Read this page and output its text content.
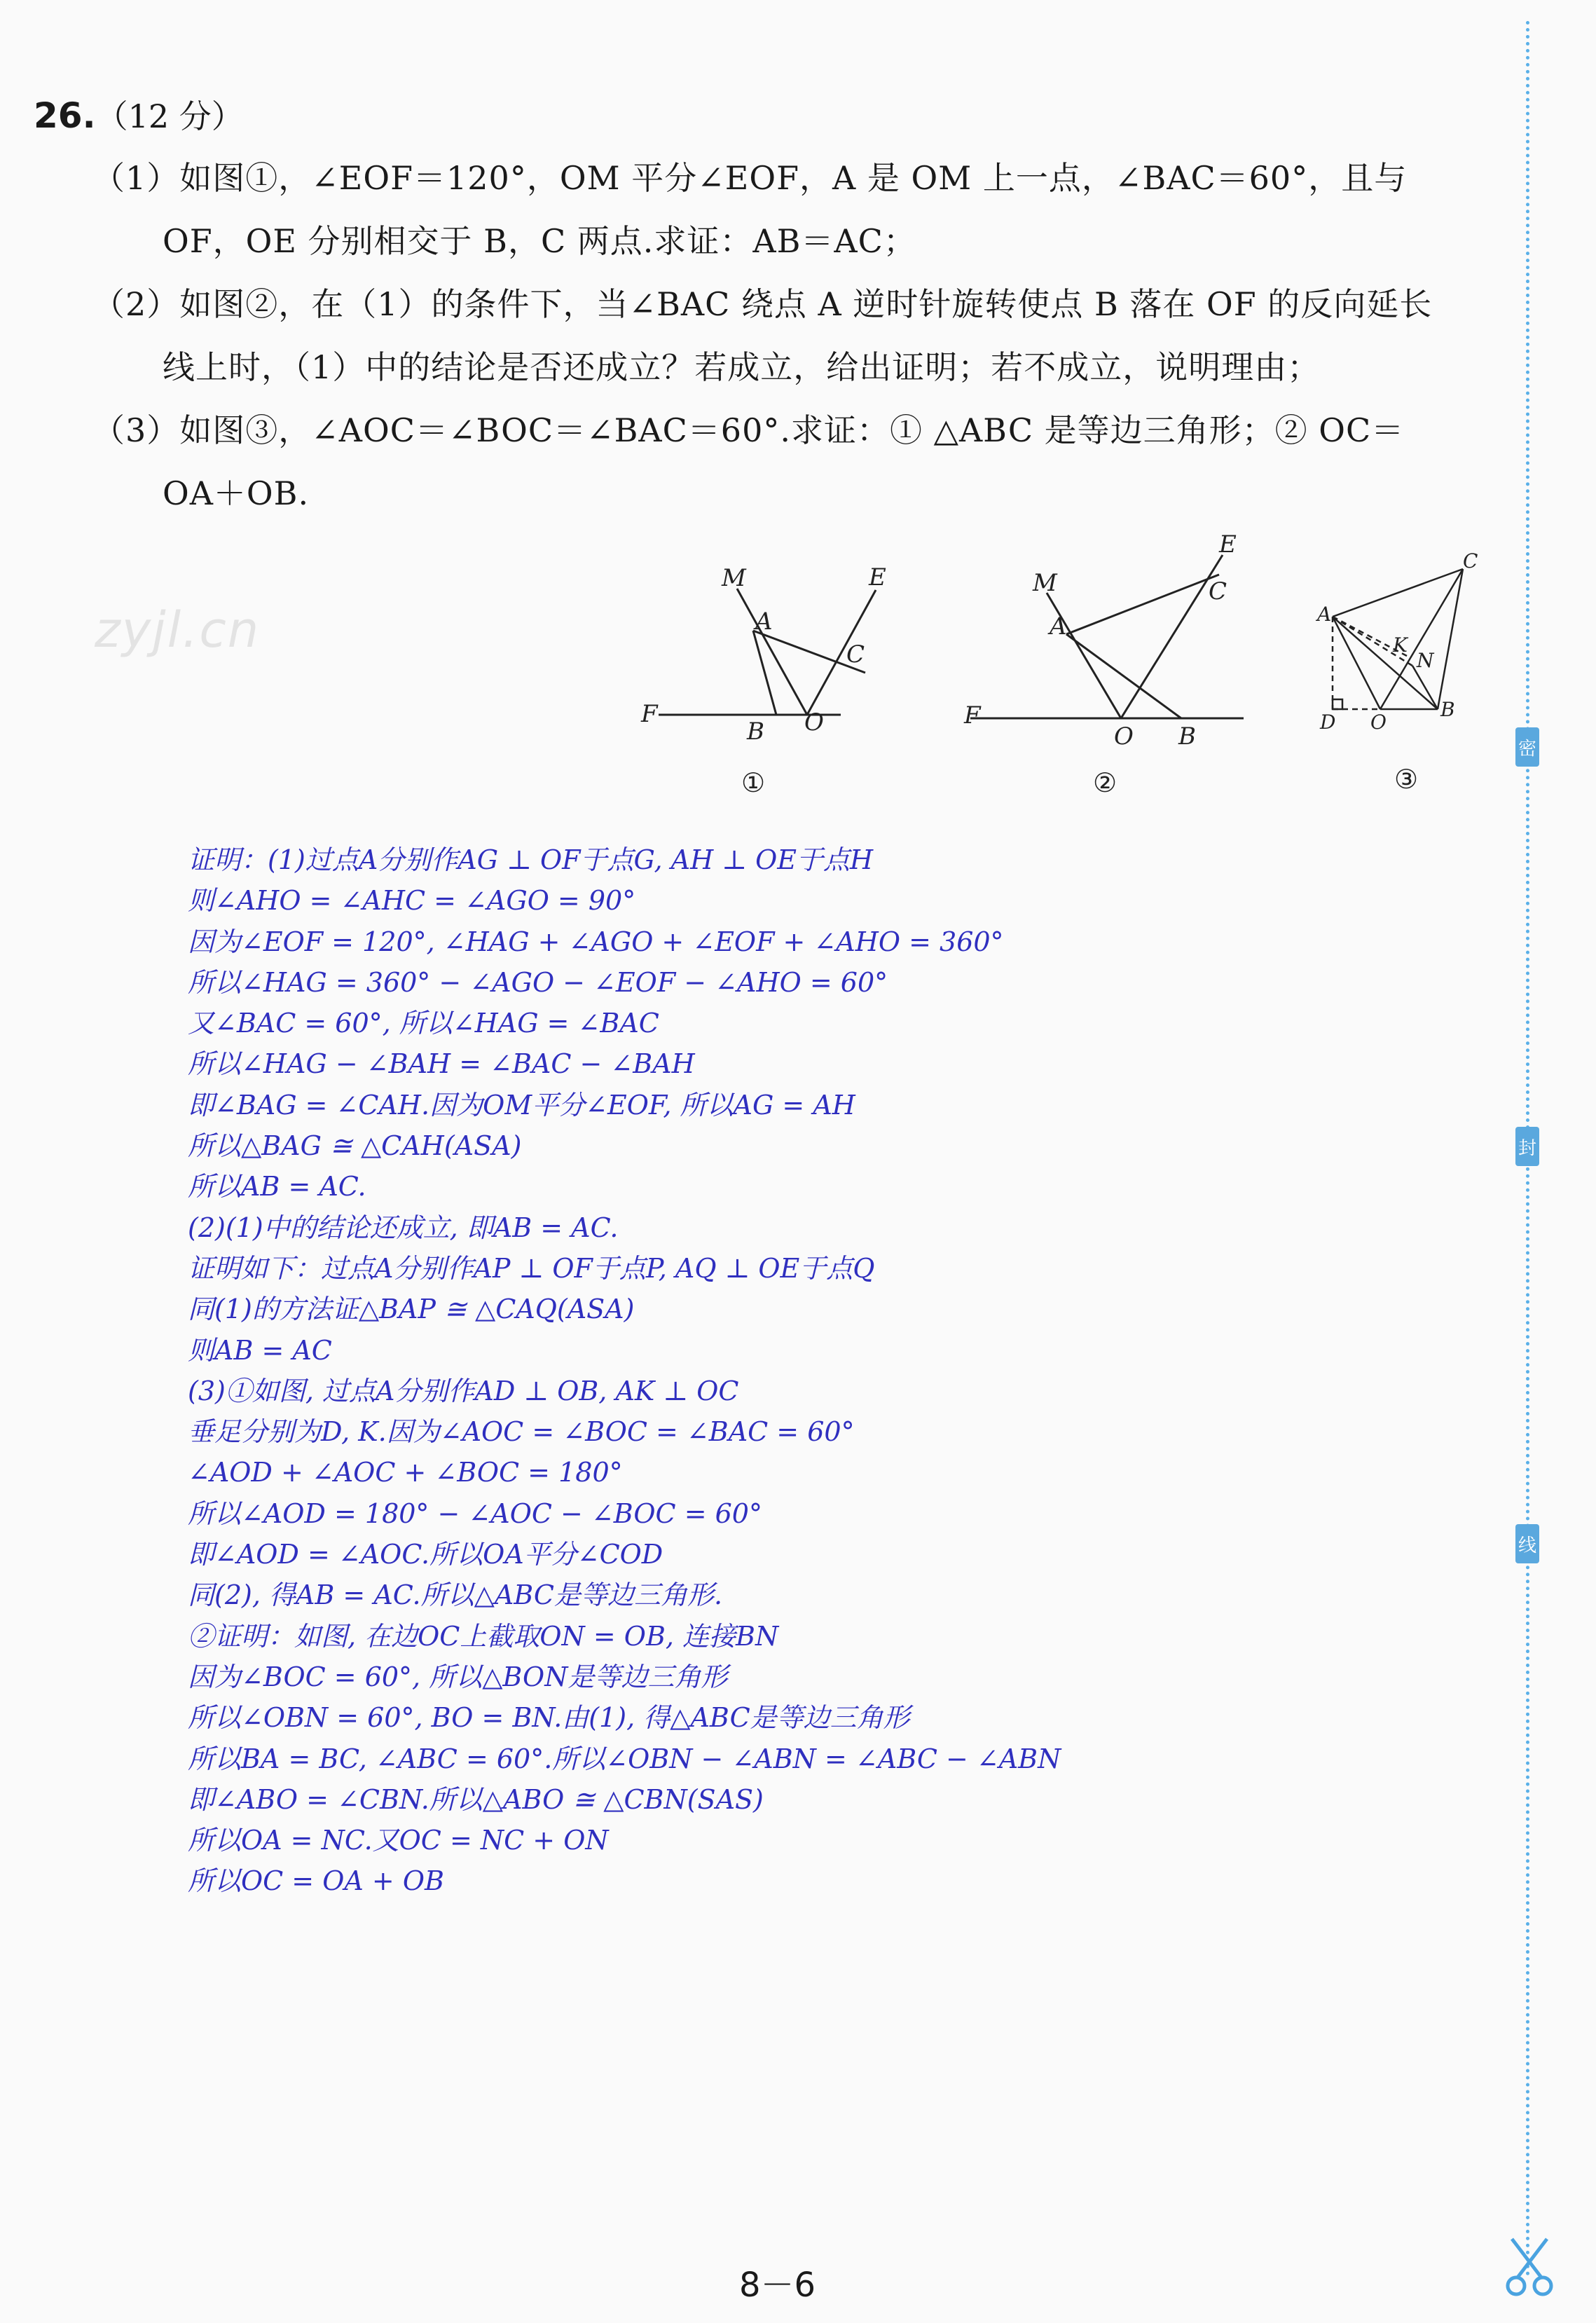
26.（12 分）
（1）如图①，∠EOF＝120°，OM 平分∠EOF，A 是 OM 上一点，∠BAC＝60°，且与
OF，OE 分别相交于 B，C 两点.求证：AB＝AC；
（2）如图②，在（1）的条件下，当∠BAC 绕点 A 逆时针旋转使点 B 落在 OF 的反向延长
线上时，（1）中的结论是否还成立？若成立，给出证明；若不成立，说明理由；
（3）如图③，∠AOC＝∠BOC＝∠BAC＝60°.求证：① △ABC 是等边三角形；② OC＝
OA＋OB.
zyjl.cn
M	E
A
C
F
B O
①
E
M	C
A
F
O B
②
C
A
K
N
D O
B
③
证明：(1)过点A分别作AG ⊥ OF于点G, AH ⊥ OE于点H
则∠AHO = ∠AHC = ∠AGO = 90°
因为∠EOF = 120°, ∠HAG + ∠AGO + ∠EOF + ∠AHO = 360°
所以∠HAG = 360° − ∠AGO − ∠EOF − ∠AHO = 60°
又∠BAC = 60°, 所以∠HAG = ∠BAC
所以∠HAG − ∠BAH = ∠BAC − ∠BAH
即∠BAG = ∠CAH.因为OM平分∠EOF, 所以AG = AH
所以△BAG ≅ △CAH(ASA)
所以AB = AC.
(2)(1)中的结论还成立, 即AB = AC.
证明如下：过点A分别作AP ⊥ OF于点P, AQ ⊥ OE于点Q
同(1)的方法证△BAP ≅ △CAQ(ASA)
则AB = AC
(3)①如图, 过点A分别作AD ⊥ OB, AK ⊥ OC
垂足分别为D, K.因为∠AOC = ∠BOC = ∠BAC = 60°
∠AOD + ∠AOC + ∠BOC = 180°
所以∠AOD = 180° − ∠AOC − ∠BOC = 60°
即∠AOD = ∠AOC.所以OA平分∠COD
同(2), 得AB = AC.所以△ABC是等边三角形.
②证明：如图, 在边OC上截取ON = OB, 连接BN
因为∠BOC = 60°, 所以△BON是等边三角形
所以∠OBN = 60°, BO = BN.由(1), 得△ABC是等边三角形
所以BA = BC, ∠ABC = 60°.所以∠OBN − ∠ABN = ∠ABC − ∠ABN
即∠ABO = ∠CBN.所以△ABO ≅ △CBN(SAS)
所以OA = NC.又OC = NC + ON
所以OC = OA + OB
密
封
线
8－6
